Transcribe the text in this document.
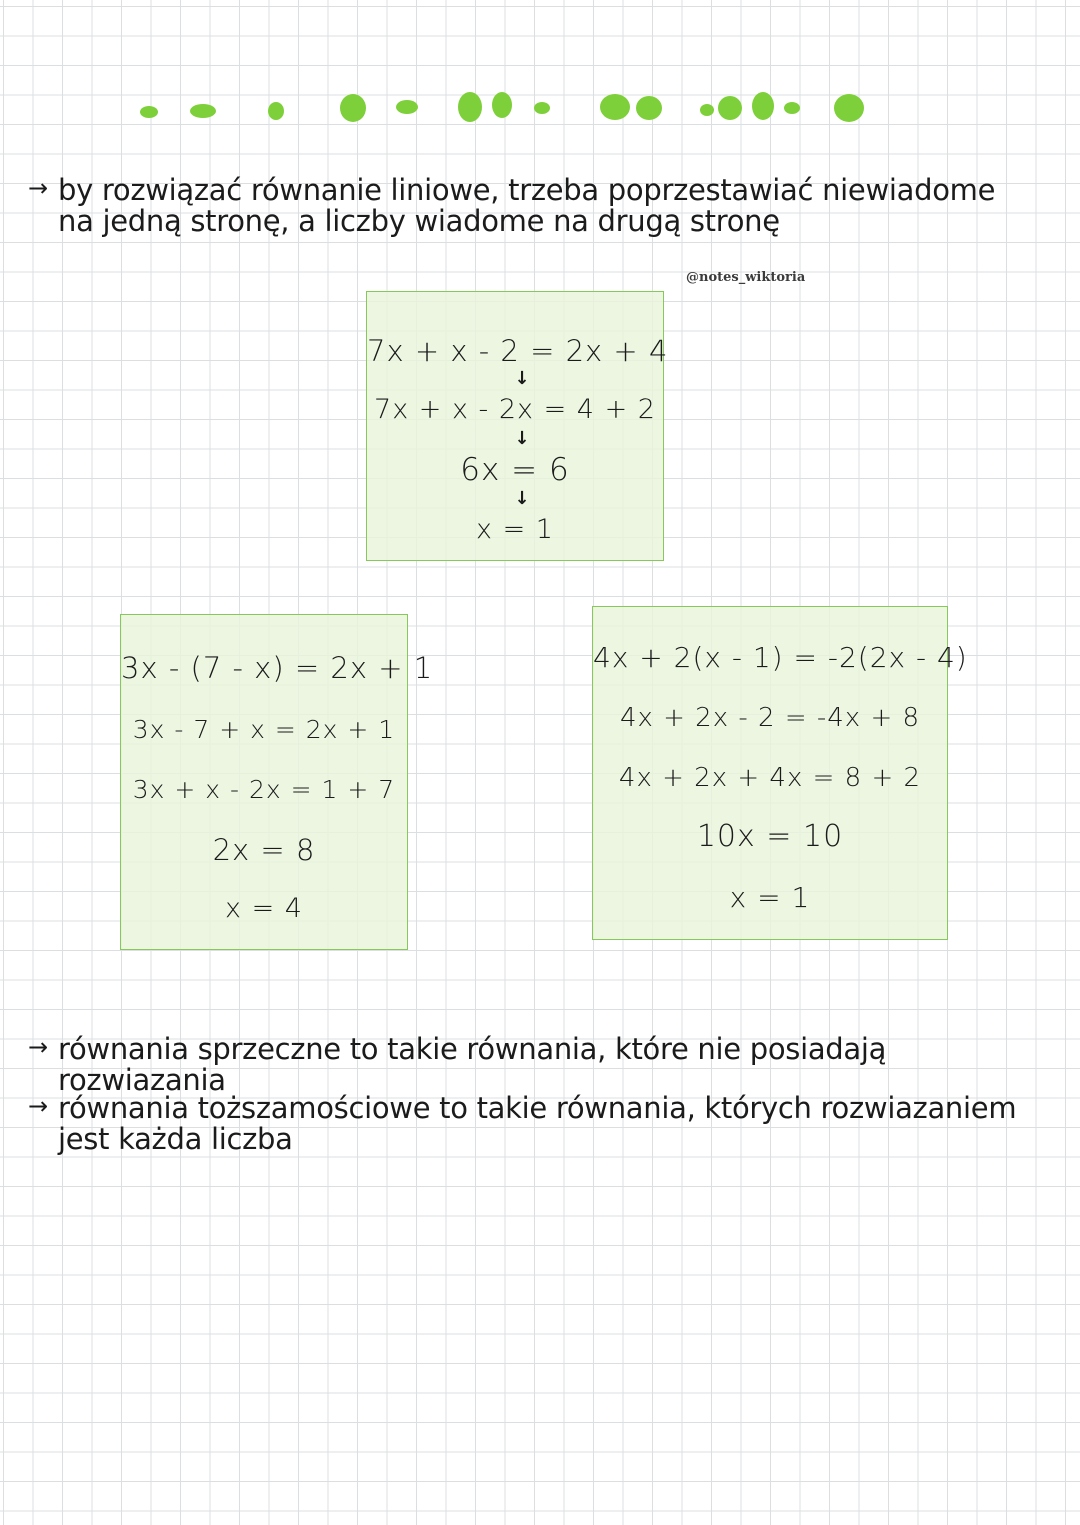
→ by rozwiązać równanie liniowe, trzeba poprzestawiać niewiadome na jedną stronę, a liczby wiadome na drugą stronę
@notes_wiktoria
7x + x - 2 = 2x + 4
↓
7x + x - 2x = 4 + 2
↓
6x = 6
↓
x = 1
3x - (7 - x) = 2x + 1
3x - 7 + x = 2x + 1
3x + x - 2x = 1 + 7
2x = 8
x = 4
4x + 2(x - 1) = -2(2x - 4)
4x + 2x - 2 = -4x + 8
4x + 2x + 4x = 8 + 2
10x = 10
x = 1
→ równania sprzeczne to takie równania, które nie posiadają rozwiazania
→ równania toższamościowe to takie równania, których rozwiazaniem jest każda liczba
